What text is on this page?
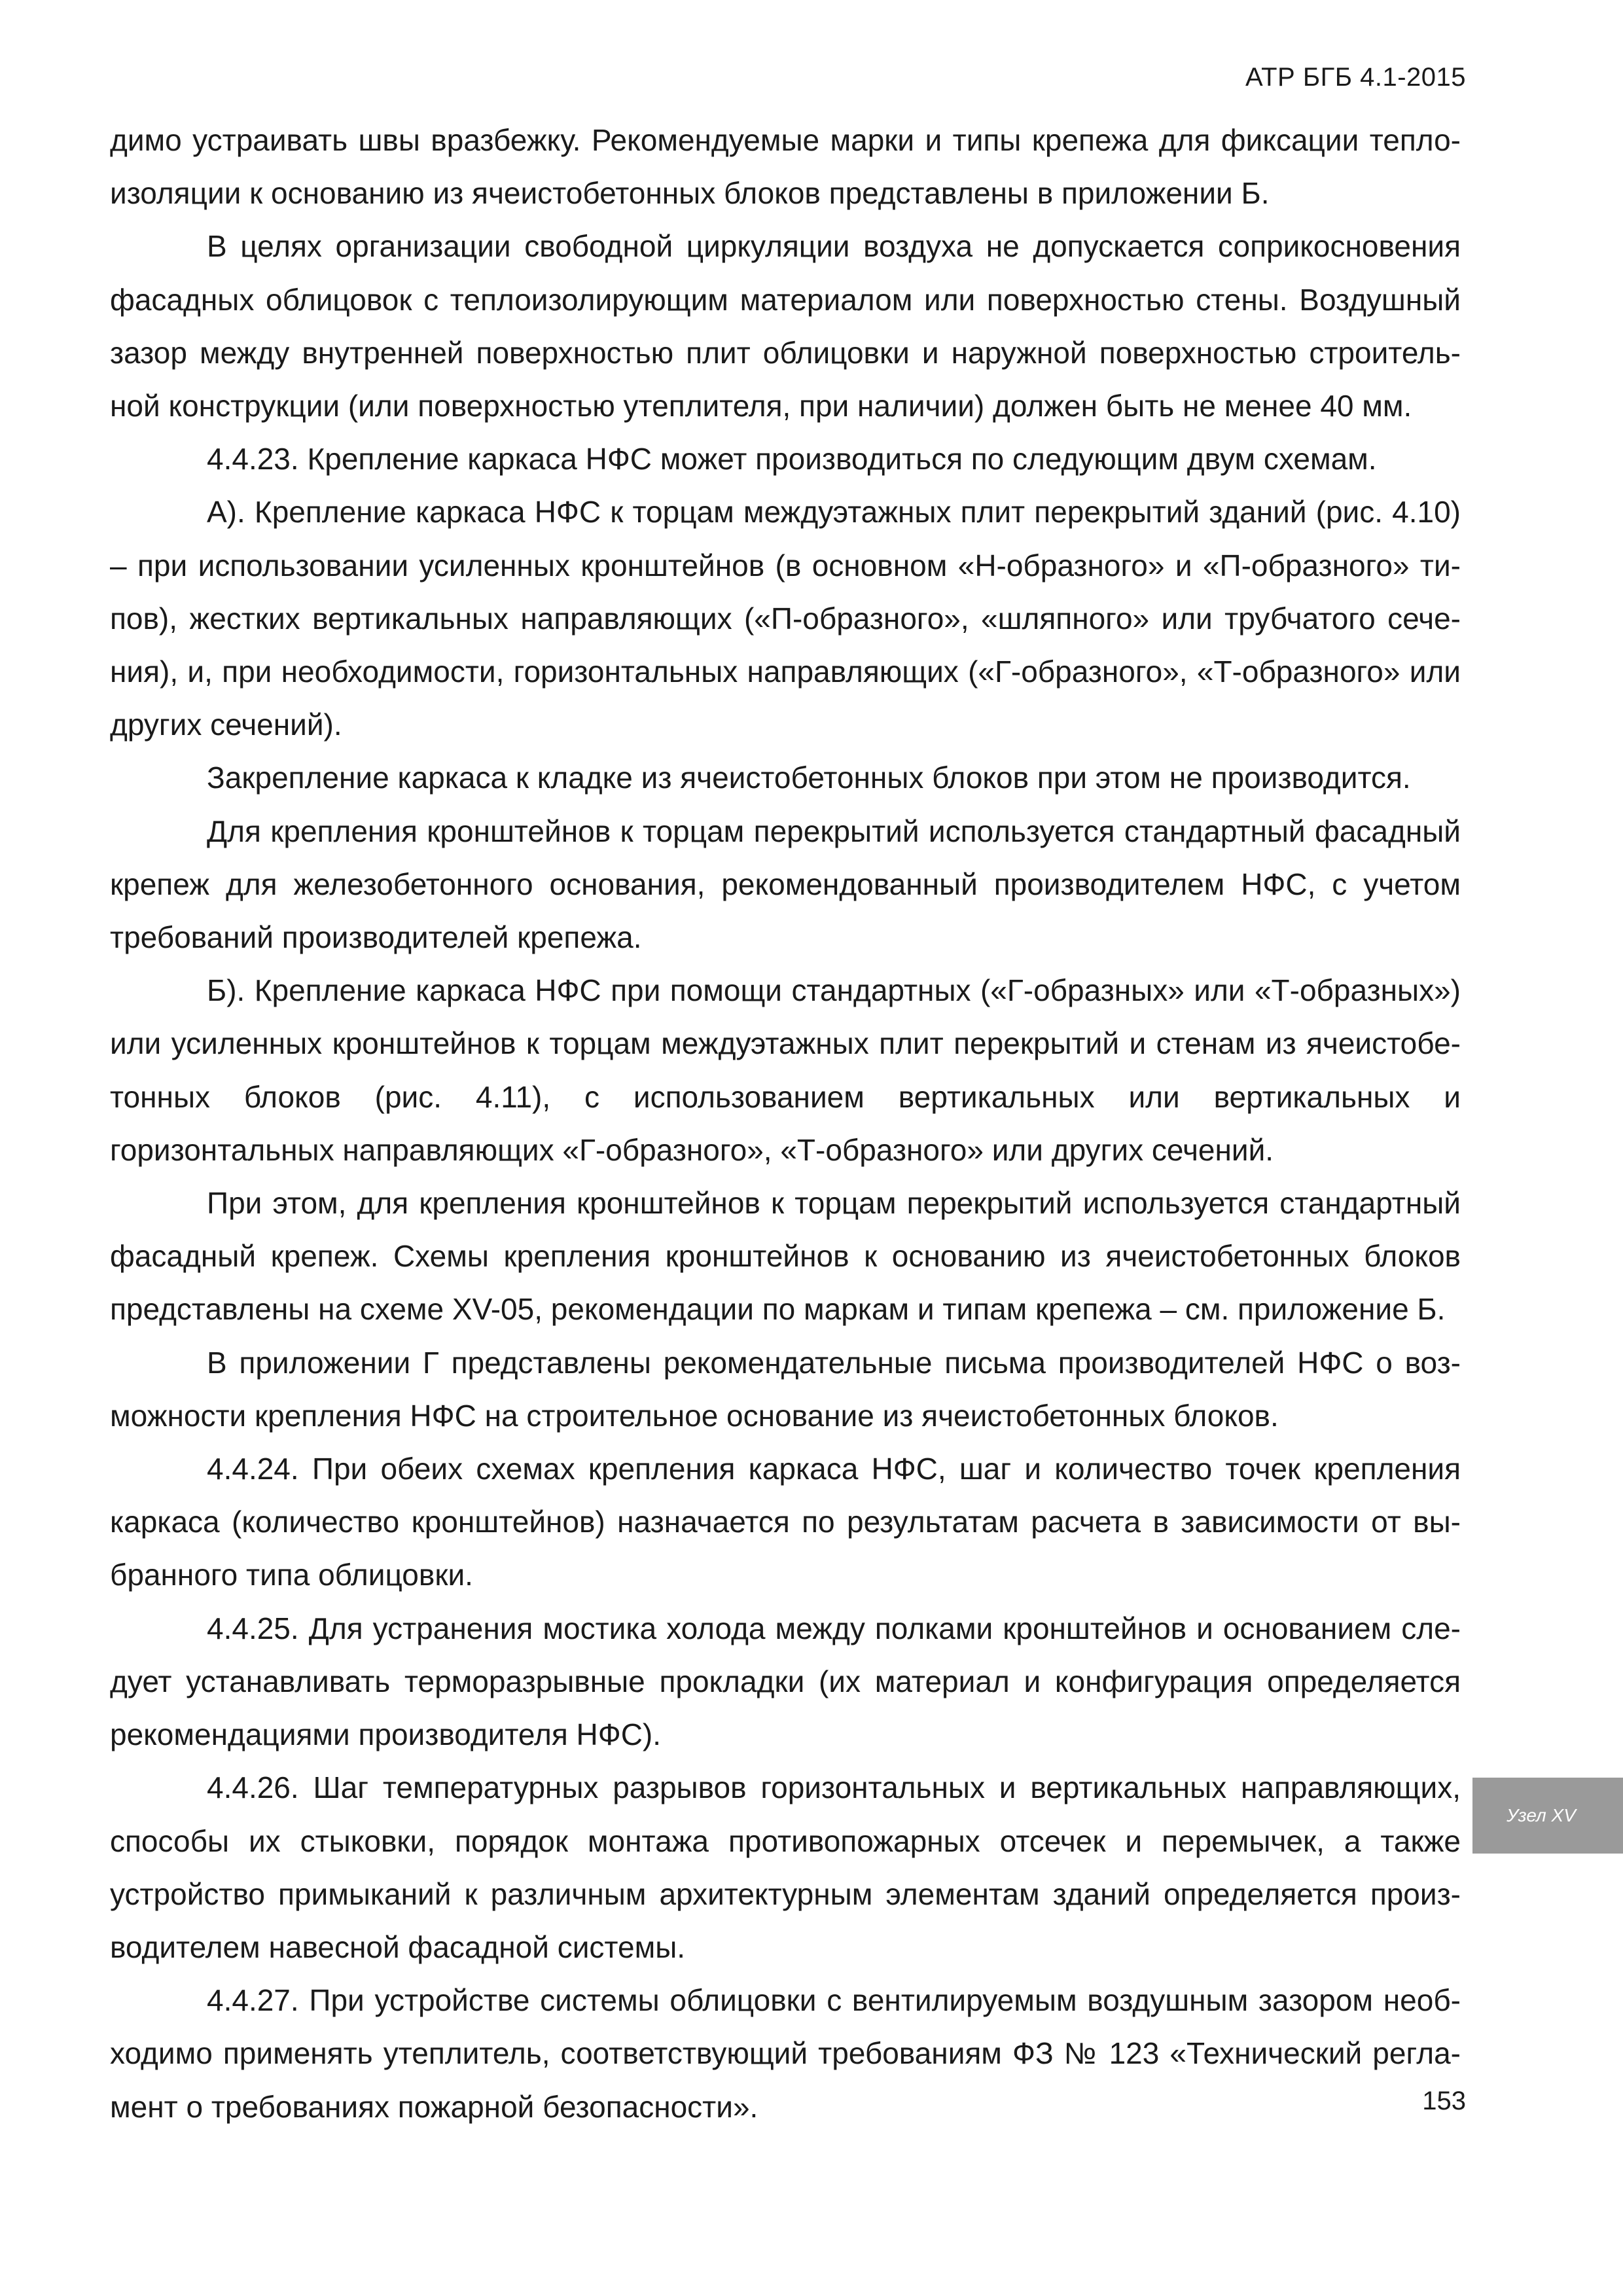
АТР БГБ 4.1-2015

димо устраивать швы вразбежку. Рекомендуемые марки и типы крепежа для фиксации тепло-изоляции к основанию из ячеистобетонных блоков представлены в приложении Б.

В целях организации свободной циркуляции воздуха не допускается соприкосновения фасадных облицовок с теплоизолирующим материалом или поверхностью стены. Воздушный зазор между внутренней поверхностью плит облицовки и наружной поверхностью строитель-ной конструкции (или поверхностью утеплителя, при наличии) должен быть не менее 40 мм.

4.4.23. Крепление каркаса НФС может производиться по следующим двум схемам.

А). Крепление каркаса НФС к торцам междуэтажных плит перекрытий зданий (рис. 4.10) – при использовании усиленных кронштейнов (в основном «Н-образного» и «П-образного» ти-пов), жестких вертикальных направляющих («П-образного», «шляпного» или трубчатого сече-ния), и, при необходимости, горизонтальных направляющих («Г-образного», «Т-образного» или других сечений).

Закрепление каркаса к кладке из ячеистобетонных блоков при этом не производится.

Для крепления кронштейнов к торцам перекрытий используется стандартный фасадный крепеж для железобетонного основания, рекомендованный производителем НФС, с учетом требований производителей крепежа.

Б). Крепление каркаса НФС при помощи стандартных («Г-образных» или «Т-образных») или усиленных кронштейнов к торцам междуэтажных плит перекрытий и стенам из ячеистобе-тонных блоков (рис. 4.11), с использованием вертикальных или вертикальных и горизонтальных направляющих «Г-образного», «Т-образного» или других сечений.

При этом, для крепления кронштейнов к торцам перекрытий используется стандартный фасадный крепеж. Схемы крепления кронштейнов к основанию из ячеистобетонных блоков представлены на схеме XV-05, рекомендации по маркам и типам крепежа – см. приложение Б.

В приложении Г представлены рекомендательные письма производителей НФС о воз-можности крепления НФС на строительное основание из ячеистобетонных блоков.

4.4.24. При обеих схемах крепления каркаса НФС, шаг и количество точек крепления каркаса (количество кронштейнов) назначается по результатам расчета в зависимости от вы-бранного типа облицовки.

4.4.25. Для устранения мостика холода между полками кронштейнов и основанием сле-дует устанавливать терморазрывные прокладки (их материал и конфигурация определяется рекомендациями производителя НФС).

4.4.26. Шаг температурных разрывов горизонтальных и вертикальных направляющих, способы их стыковки, порядок монтажа противопожарных отсечек и перемычек, а также устройство примыканий к различным архитектурным элементам зданий определяется произ-водителем навесной фасадной системы.

4.4.27. При устройстве системы облицовки с вентилируемым воздушным зазором необ-ходимо применять утеплитель, соответствующий требованиям ФЗ № 123 «Технический регла-мент о требованиях пожарной безопасности».

Узел XV
153
